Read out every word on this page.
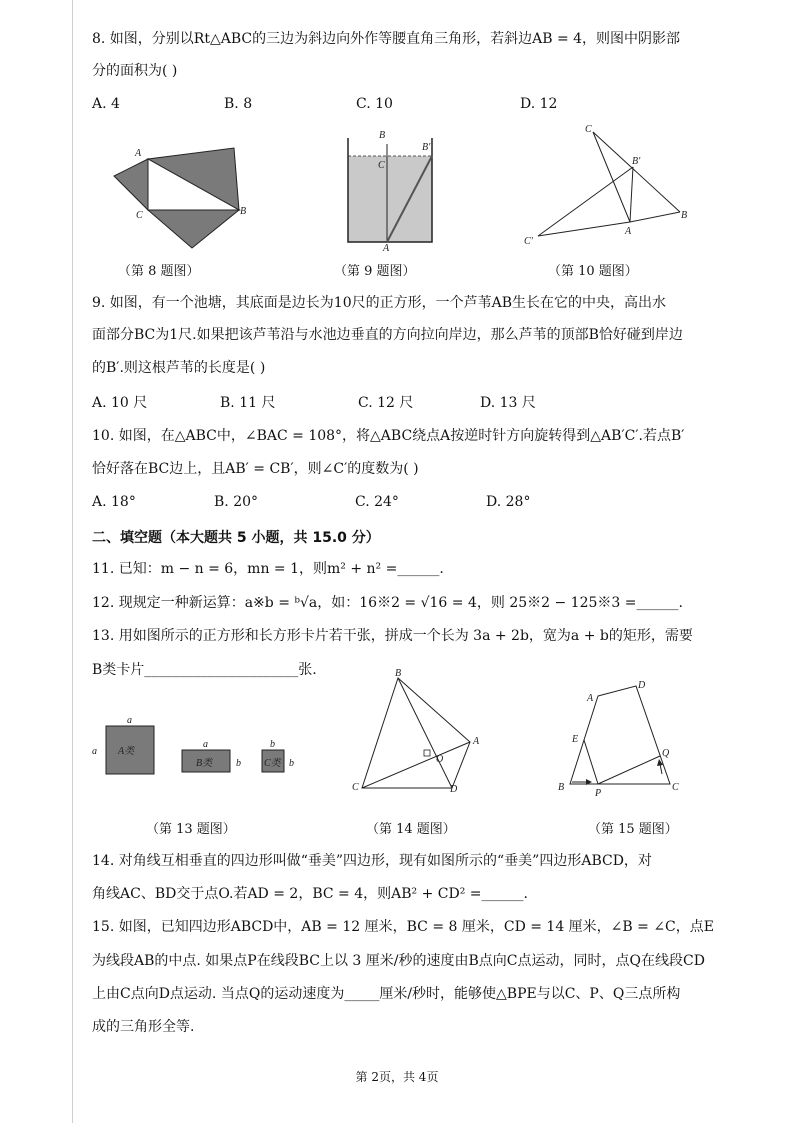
8. 如图，分别以Rt△ABC的三边为斜边向外作等腰直角三角形，若斜边AB = 4，则图中阴影部
分的面积为( )
A. 4	B. 8	C. 10	D. 12
A
C	B
B
B'
C
A
C
B'
B
A
C'
（第 8 题图）	（第 9 题图）	（第 10 题图）
9. 如图，有一个池塘，其底面是边长为10尺的正方形，一个芦苇AB生长在它的中央，高出水
面部分BC为1尺.如果把该芦苇沿与水池边垂直的方向拉向岸边，那么芦苇的顶部B恰好碰到岸边
的B′.则这根芦苇的长度是( )
A. 10 尺	B. 11 尺	C. 12 尺	D. 13 尺
10. 如图，在△ABC中，∠BAC = 108°，将△ABC绕点A按逆时针方向旋转得到△AB′C′.若点B′
恰好落在BC边上，且AB′ = CB′，则∠C′的度数为( )
A. 18°	B. 20°	C. 24°	D. 28°
二、填空题（本大题共 5 小题，共 15.0 分）
11. 已知：m − n = 6，mn = 1，则m² + n² =______.
12. 现规定一种新运算：a※b = ᵇ√a，如：16※2 = √16 = 4，则 25※2 − 125※3 =______.
13. 用如图所示的正方形和长方形卡片若干张，拼成一个长为 3a + 2b，宽为a + b的矩形，需要
B类卡片______________________张.
a
a A类
a
B类 b
b
b
C类
B
A
O
C	D
A
D
E
Q
B
P
C
（第 13 题图）	（第 14 题图）	（第 15 题图）
14. 对角线互相垂直的四边形叫做“垂美”四边形，现有如图所示的“垂美”四边形ABCD，对
角线AC、BD交于点O.若AD = 2，BC = 4，则AB² + CD² =______.
15. 如图，已知四边形ABCD中，AB = 12 厘米，BC = 8 厘米，CD = 14 厘米，∠B = ∠C，点E
为线段AB的中点. 如果点P在线段BC上以 3 厘米/秒的速度由B点向C点运动，同时，点Q在线段CD
上由C点向D点运动. 当点Q的运动速度为_____厘米/秒时，能够使△BPE与以C、P、Q三点所构
成的三角形全等.
第 2页，共 4页
